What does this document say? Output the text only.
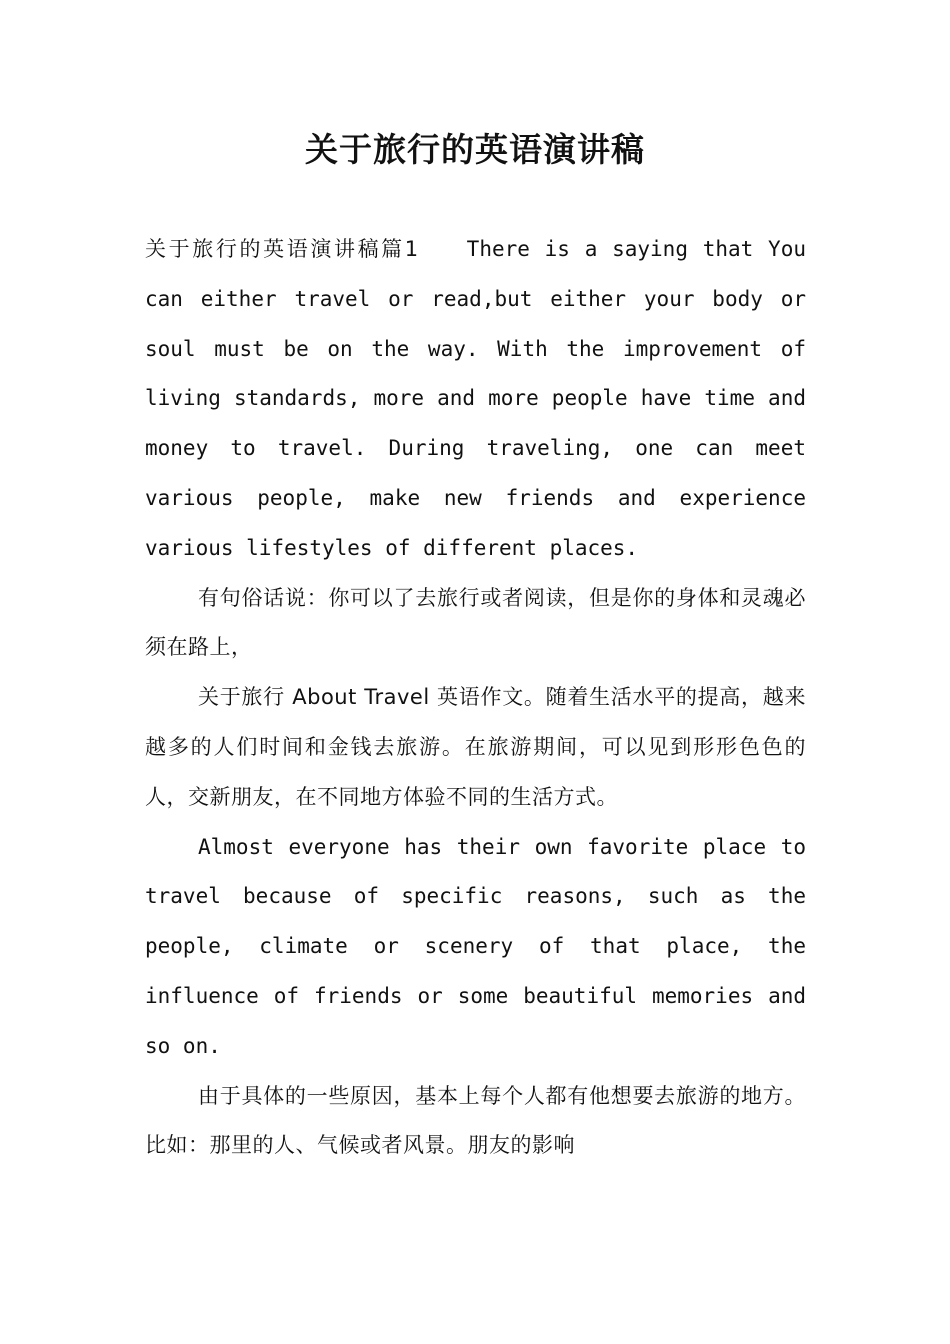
关于旅行的英语演讲稿

关于旅行的英语演讲稿篇1 There is a saying that You can either travel or read,but either your body or soul must be on the way. With the improvement of living standards, more and more people have time and money to travel. During traveling, one can meet various people, make new friends and experience various lifestyles of different places.

有句俗话说：你可以了去旅行或者阅读，但是你的身体和灵魂必须在路上，

关于旅行 About Travel 英语作文。随着生活水平的提高，越来越多的人们时间和金钱去旅游。在旅游期间，可以见到形形色色的人，交新朋友，在不同地方体验不同的生活方式。

Almost everyone has their own favorite place to travel because of specific reasons, such as the people, climate or scenery of that place, the influence of friends or some beautiful memories and so on.

由于具体的一些原因，基本上每个人都有他想要去旅游的地方。比如：那里的人、气候或者风景。朋友的影响
